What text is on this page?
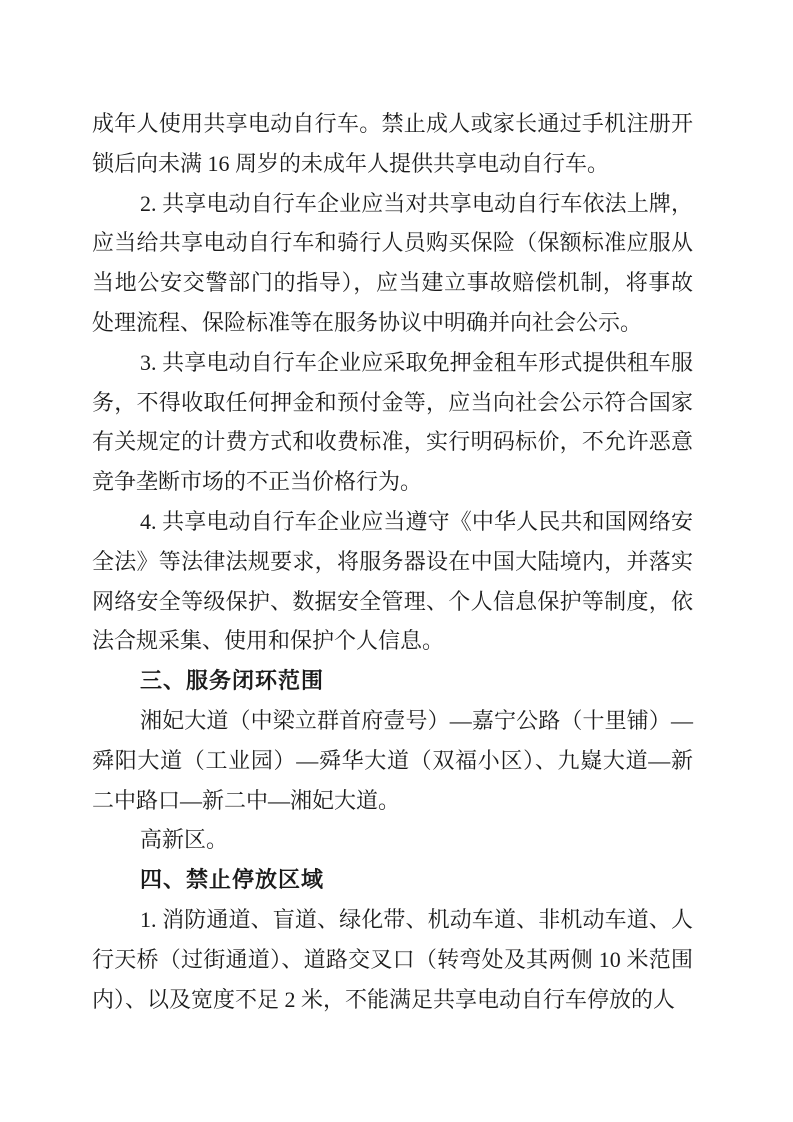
成年人使用共享电动自行车。禁止成人或家长通过手机注册开锁后向未满 16 周岁的未成年人提供共享电动自行车。

2. 共享电动自行车企业应当对共享电动自行车依法上牌，应当给共享电动自行车和骑行人员购买保险（保额标准应服从当地公安交警部门的指导），应当建立事故赔偿机制，将事故处理流程、保险标准等在服务协议中明确并向社会公示。

3. 共享电动自行车企业应采取免押金租车形式提供租车服务，不得收取任何押金和预付金等，应当向社会公示符合国家有关规定的计费方式和收费标准，实行明码标价，不允许恶意竞争垄断市场的不正当价格行为。

4. 共享电动自行车企业应当遵守《中华人民共和国网络安全法》等法律法规要求，将服务器设在中国大陆境内，并落实网络安全等级保护、数据安全管理、个人信息保护等制度，依法合规采集、使用和保护个人信息。

三、服务闭环范围

湘妃大道（中梁立群首府壹号）—嘉宁公路（十里铺）—舜阳大道（工业园）—舜华大道（双福小区）、九嶷大道—新二中路口—新二中—湘妃大道。

高新区。

四、禁止停放区域

1. 消防通道、盲道、绿化带、机动车道、非机动车道、人行天桥（过街通道）、道路交叉口（转弯处及其两侧 10 米范围内）、以及宽度不足 2 米，不能满足共享电动自行车停放的人
